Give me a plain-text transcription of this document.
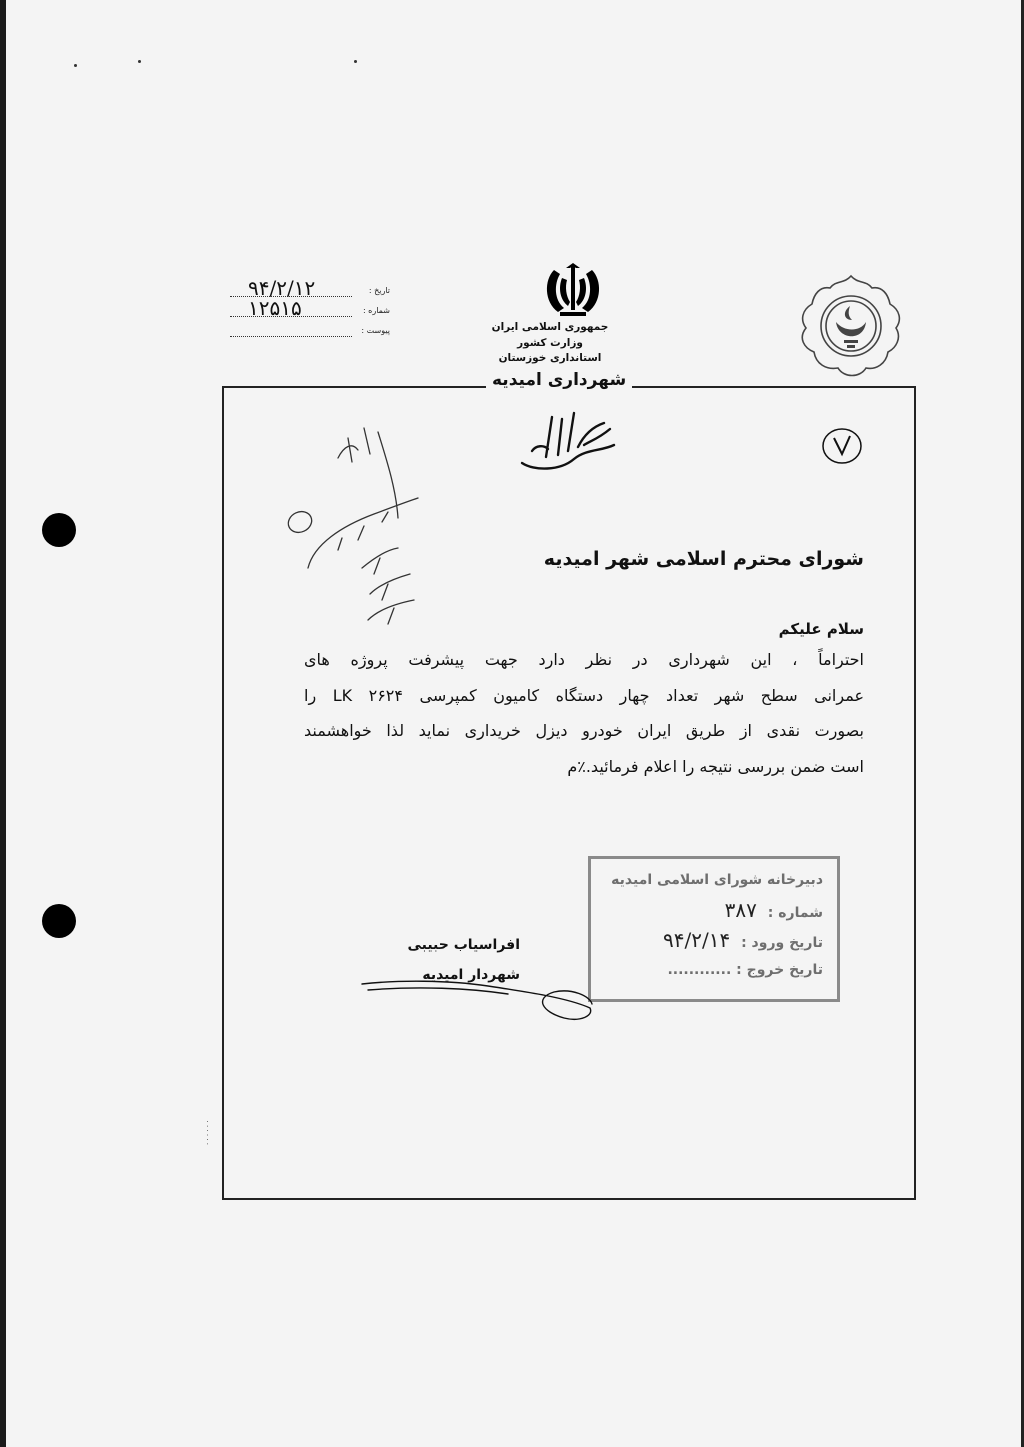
تاریخ :
۹۴/۲/۱۲
شماره :
۱۲۵۱۵
پیوست :	جمهوری اسلامی ایران
وزارت کشور
استانداری خوزستان
شهرداری امیدیه
شورای محترم اسلامی شهر امیدیه
سلام علیکم
احتراماً ، این شهرداری در نظر دارد جهت پیشرفت پروژه های
عمرانی سطح شهر تعداد چهار دستگاه کامیون کمپرسی ۲۶۲۴ LK را
بصورت نقدی از طریق ایران خودرو دیزل خریداری نماید لذا خواهشمند
است ضمن بررسی نتیجه را اعلام فرمائید.٪م
دبیرخانه شورای اسلامی امیدیه
شماره : ۳۸۷
تاریخ ورود : ۹۴/۲/۱۴
تاریخ خروج : ............
افراسیاب حبیبی
شهردار امیدیه
· · · · · ·
